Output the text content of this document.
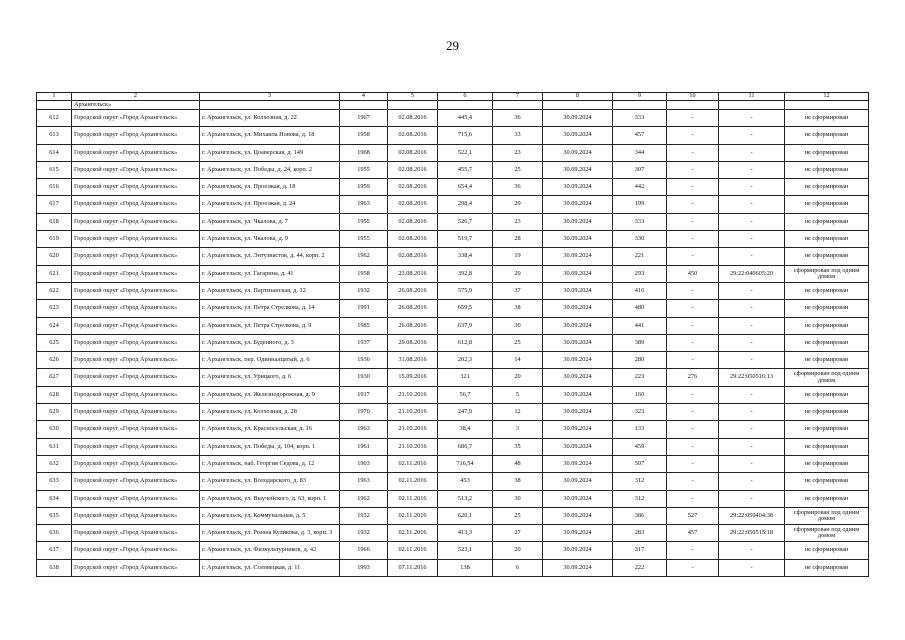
29
1	2	3	4	5	6	7	8	9	10	11	12
	Архангельск»										
612	Городской округ «Город Архангельск»	г. Архангельск, ул. Колхозная, д. 22	1967	02.08.2016	445,4	36	30.09.2024	333	-	-	не сформирован
613	Городской округ «Город Архангельск»	г. Архангельск, ул. Михаила Новова, д. 18	1958	02.08.2016	715,6	33	30.09.2024	457	-	-	не сформирован
614	Городской округ «Город Архангельск»	г. Архангельск, ул. Цоаверская, д. 149	1968	02.08.2016	522,1	23	30.09.2024	344	-	-	не сформирован
615	Городской округ «Город Архангельск»	г. Архангельск, ул. Победы, д. 24, корп. 2	1955	02.08.2016	455,7	25	30.09.2024	307	-	-	не сформирован
616	Городской округ «Город Архангельск»	г. Архангельск, ул. Проезжая, д. 18	1959	02.08.2016	654,4	36	30.09.2024	442	-	-	не сформирован
617	Городской округ «Город Архангельск»	г. Архангельск, ул. Проезжая, д. 24	1963	02.08.2016	298,4	20	30.09.2024	199	-	-	не сформирован
618	Городской округ «Город Архангельск»	г. Архангельск, ул. Чкалова, д. 7	1955	02.08.2016	526,7	23	30.09.2024	333	-	-	не сформирован
619	Городской округ «Город Архангельск»	г. Архангельск, ул. Чкалова, д. 9	1955	02.08.2016	519,7	28	30.09.2024	330	-	-	не сформирован
620	Городской округ «Город Архангельск»	г. Архангельск, ул. Энтузиастов, д. 44, корп. 2	1962	02.08.2016	338,4	19	30.09.2024	221	-	-	не сформирован
621	Городской округ «Город Архангельск»	г. Архангельск, ул. Гагарина, д. 41	1958	23.08.2016	392,8	20	30.09.2024	293	450	29:22:040605:20	сформирован под одним домом
622	Городской округ «Город Архангельск»	г. Архангельск, ул. Партизанская, д. 12	1932	26.08.2016	575,9	37	30.09.2024	416	-	-	не сформирован
623	Городской округ «Город Архангельск»	г. Архангельск, ул. Петра Стрелкова, д. 14	1991	26.08.2016	659,5	38	30.09.2024	480	-	-	не сформирован
624	Городской округ «Город Архангельск»	г. Архангельск, ул. Петра Стрелкова, д. 9	1985	26.08.2016	637,9	30	30.09.2024	441	-	-	не сформирован
625	Городской округ «Город Архангельск»	г. Архангельск, ул. Буденного, д. 3	1937	29.08.2016	612,8	25	30.09.2024	389	-	-	не сформирован
626	Городской округ «Город Архангельск»	г. Архангельск, пер. Одинналцатый, д. 6	1936	31.08.2016	202,3	14	30.09.2024	280	-	-	не сформирован
627	Городской округ «Город Архангельск»	г. Архангельск, ул. Урицкого, д. 6	1930	15.09.2016	321	20	30.09.2024	223	276	29:22:050516:13	сформирован под одним домом
628	Городской округ «Город Архангельск»	г. Архангельск, ул. Железнодорожная, д. 9	1917	21.10.2016	56,7	5	30.09.2024	160	-	-	не сформирован
629	Городской округ «Город Архангельск»	г. Архангельск, ул. Колхозная, д. 28	1970	21.10.2016	247,9	12	30.09.2024	323	-	-	не сформирован
630	Городской округ «Город Архангельск»	г. Архангельск, ул. Красносельская, д. 16	1963	21.10.2016	38,4	3	30.09.2024	133	-	-	не сформирован
631	Городской округ «Город Архангельск»	г. Архангельск, ул. Победы, д. 104, корп. 1	1961	21.10.2016	686,7	35	30.09.2024	459	-	-	не сформирован
632	Городской округ «Город Архангельск»	г. Архангельск, наб. Георгия Седова, д. 12	1903	02.11.2016	716,54	48	30.09.2024	507	-	-	не сформирован
633	Городской округ «Город Архангельск»	г. Архангельск, ул. Володарского, д. 83	1963	02.11.2016	453	38	30.09.2024	312	-	-	не сформирован
634	Городской округ «Город Архангельск»	г. Архангельск, ул. Выучейского, д. 63, корп. 1	1962	02.11.2016	513,2	30	30.09.2024	312	-	-	не сформирован
635	Городской округ «Город Архангельск»	г. Архангельск, ул. Коммунальная, д. 5	1932	02.11.2016	620,1	25	30.09.2024	386	527	29:22:050404:38	сформирован под одним домом
636	Городской округ «Город Архангельск»	г. Архангельск, ул. Розана Куликова, д. 3, корп. 3	1932	02.11.2016	413,3	27	30.09.2024	283	457	29:22:050515:18	сформирован под одним домом
637	Городской округ «Город Архангельск»	г. Архангельск, ул. Физкультурников, д. 42	1966	02.11.2016	523,1	20	30.09.2024	317	-	-	не сформирован
638	Городской округ «Город Архангельск»	г. Архангельск, ул. Соловецкая, д. 11	1993	07.11.2016	138	6	30.09.2024	222	-	-	не сформирован
